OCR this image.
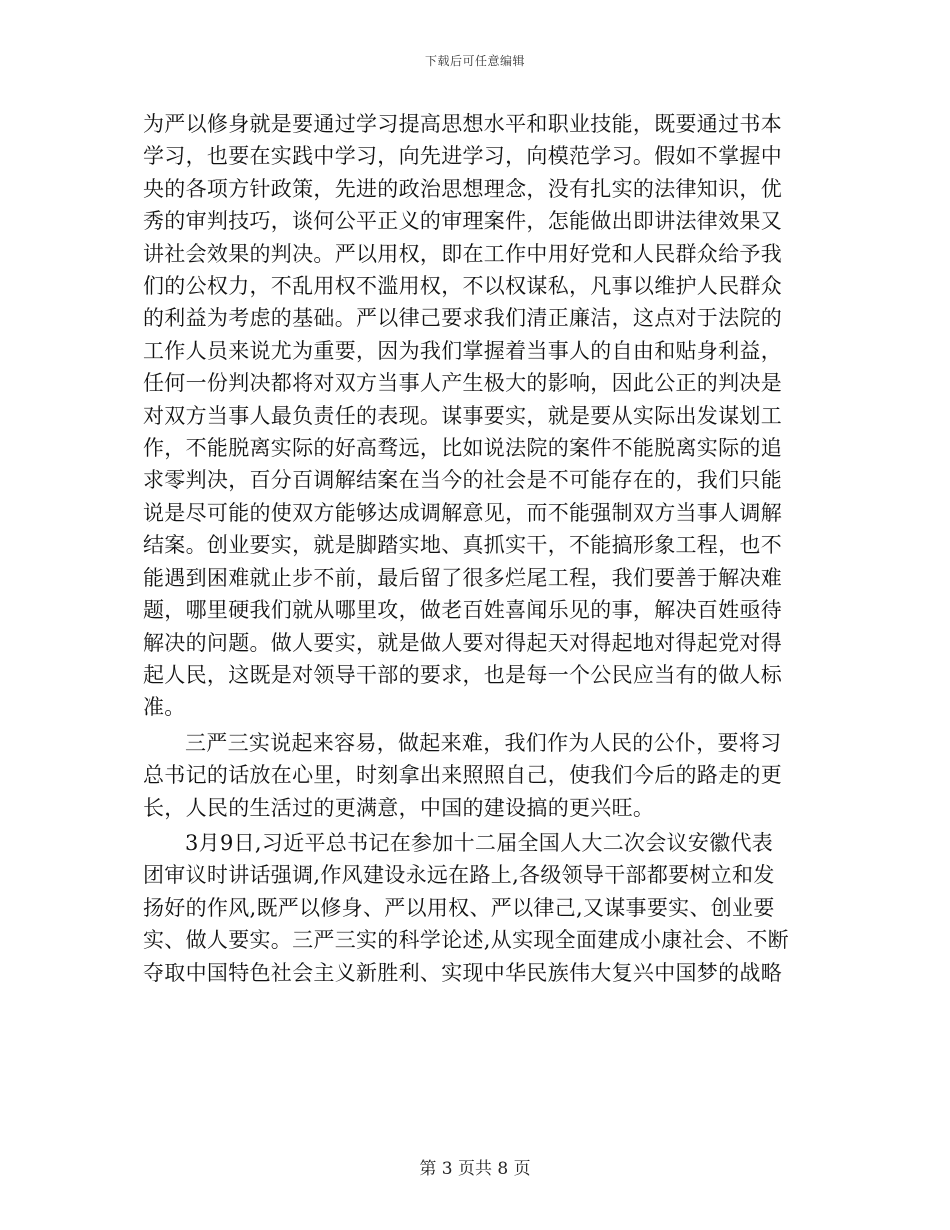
下载后可任意编辑
为严以修身就是要通过学习提高思想水平和职业技能，既要通过书本
学习，也要在实践中学习，向先进学习，向模范学习。假如不掌握中
央的各项方针政策，先进的政治思想理念，没有扎实的法律知识，优
秀的审判技巧，谈何公平正义的审理案件，怎能做出即讲法律效果又
讲社会效果的判决。严以用权，即在工作中用好党和人民群众给予我
们的公权力，不乱用权不滥用权，不以权谋私，凡事以维护人民群众
的利益为考虑的基础。严以律己要求我们清正廉洁，这点对于法院的
工作人员来说尤为重要，因为我们掌握着当事人的自由和贴身利益，
任何一份判决都将对双方当事人产生极大的影响，因此公正的判决是
对双方当事人最负责任的表现。谋事要实，就是要从实际出发谋划工
作，不能脱离实际的好高骛远，比如说法院的案件不能脱离实际的追
求零判决，百分百调解结案在当今的社会是不可能存在的，我们只能
说是尽可能的使双方能够达成调解意见，而不能强制双方当事人调解
结案。创业要实，就是脚踏实地、真抓实干，不能搞形象工程，也不
能遇到困难就止步不前，最后留了很多烂尾工程，我们要善于解决难
题，哪里硬我们就从哪里攻，做老百姓喜闻乐见的事，解决百姓亟待
解决的问题。做人要实，就是做人要对得起天对得起地对得起党对得
起人民，这既是对领导干部的要求，也是每一个公民应当有的做人标
准。
三严三实说起来容易，做起来难，我们作为人民的公仆，要将习
总书记的话放在心里，时刻拿出来照照自己，使我们今后的路走的更
长，人民的生活过的更满意，中国的建设搞的更兴旺。
3月9日,习近平总书记在参加十二届全国人大二次会议安徽代表
团审议时讲话强调,作风建设永远在路上,各级领导干部都要树立和发
扬好的作风,既严以修身、严以用权、严以律己,又谋事要实、创业要
实、做人要实。三严三实的科学论述,从实现全面建成小康社会、不断
夺取中国特色社会主义新胜利、实现中华民族伟大复兴中国梦的战略
第 3 页共 8 页
